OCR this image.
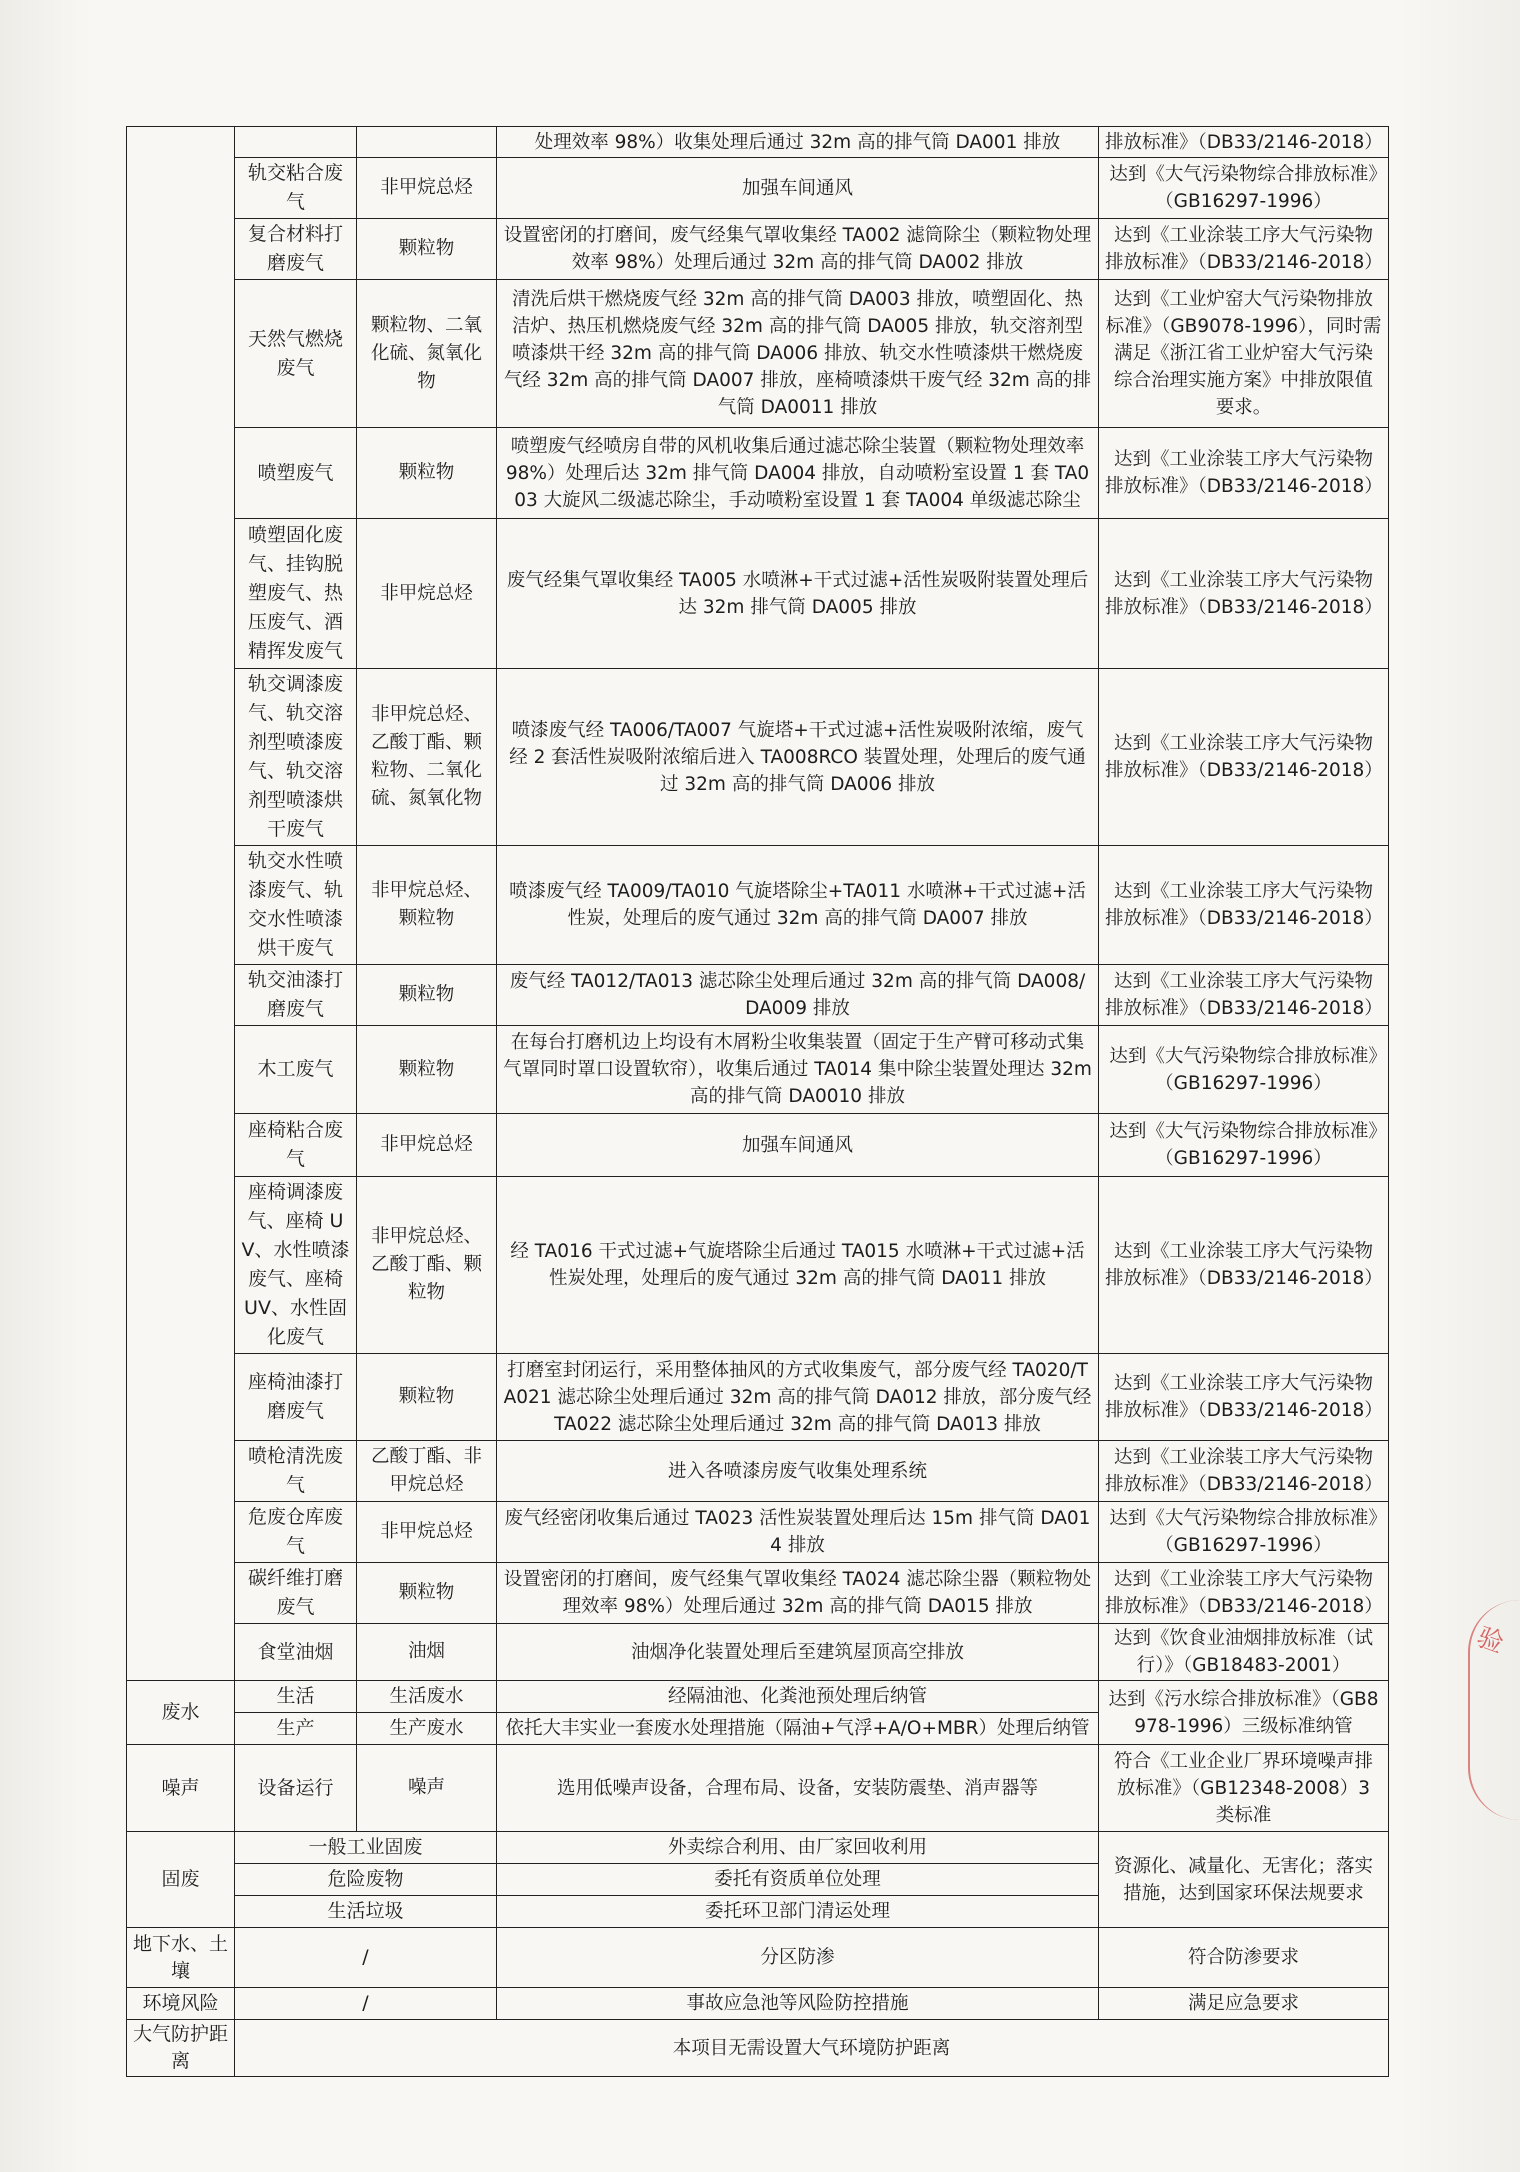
			处理效率 98%）收集处理后通过 32m 高的排气筒 DA001 排放	排放标准》（DB33/2146-2018）
	轨交粘合废气	非甲烷总烃	加强车间通风	达到《大气污染物综合排放标准》（GB16297-1996）
	复合材料打磨废气	颗粒物	设置密闭的打磨间，废气经集气罩收集经 TA002 滤筒除尘（颗粒物处理效率 98%）处理后通过 32m 高的排气筒 DA002 排放	达到《工业涂装工序大气污染物排放标准》（DB33/2146-2018）
	天然气燃烧废气	颗粒物、二氧化硫、氮氧化物	清洗后烘干燃烧废气经 32m 高的排气筒 DA003 排放，喷塑固化、热洁炉、热压机燃烧废气经 32m 高的排气筒 DA005 排放，轨交溶剂型喷漆烘干经 32m 高的排气筒 DA006 排放、轨交水性喷漆烘干燃烧废气经 32m 高的排气筒 DA007 排放，座椅喷漆烘干废气经 32m 高的排气筒 DA0011 排放	达到《工业炉窑大气污染物排放标准》（GB9078-1996），同时需满足《浙江省工业炉窑大气污染综合治理实施方案》中排放限值要求。
	喷塑废气	颗粒物	喷塑废气经喷房自带的风机收集后通过滤芯除尘装置（颗粒物处理效率 98%）处理后达 32m 排气筒 DA004 排放，自动喷粉室设置 1 套 TA003 大旋风二级滤芯除尘，手动喷粉室设置 1 套 TA004 单级滤芯除尘	达到《工业涂装工序大气污染物排放标准》（DB33/2146-2018）
	喷塑固化废气、挂钩脱塑废气、热压废气、酒精挥发废气	非甲烷总烃	废气经集气罩收集经 TA005 水喷淋+干式过滤+活性炭吸附装置处理后达 32m 排气筒 DA005 排放	达到《工业涂装工序大气污染物排放标准》（DB33/2146-2018）
	轨交调漆废气、轨交溶剂型喷漆废气、轨交溶剂型喷漆烘干废气	非甲烷总烃、乙酸丁酯、颗粒物、二氧化硫、氮氧化物	喷漆废气经 TA006/TA007 气旋塔+干式过滤+活性炭吸附浓缩，废气经 2 套活性炭吸附浓缩后进入 TA008RCO 装置处理，处理后的废气通过 32m 高的排气筒 DA006 排放	达到《工业涂装工序大气污染物排放标准》（DB33/2146-2018）
	轨交水性喷漆废气、轨交水性喷漆烘干废气	非甲烷总烃、颗粒物	喷漆废气经 TA009/TA010 气旋塔除尘+TA011 水喷淋+干式过滤+活性炭，处理后的废气通过 32m 高的排气筒 DA007 排放	达到《工业涂装工序大气污染物排放标准》（DB33/2146-2018）
	轨交油漆打磨废气	颗粒物	废气经 TA012/TA013 滤芯除尘处理后通过 32m 高的排气筒 DA008/DA009 排放	达到《工业涂装工序大气污染物排放标准》（DB33/2146-2018）
	木工废气	颗粒物	在每台打磨机边上均设有木屑粉尘收集装置（固定于生产臂可移动式集气罩同时罩口设置软帘），收集后通过 TA014 集中除尘装置处理达 32m 高的排气筒 DA0010 排放	达到《大气污染物综合排放标准》（GB16297-1996）
	座椅粘合废气	非甲烷总烃	加强车间通风	达到《大气污染物综合排放标准》（GB16297-1996）
	座椅调漆废气、座椅 UV、水性喷漆废气、座椅 UV、水性固化废气	非甲烷总烃、乙酸丁酯、颗粒物	经 TA016 干式过滤+气旋塔除尘后通过 TA015 水喷淋+干式过滤+活性炭处理，处理后的废气通过 32m 高的排气筒 DA011 排放	达到《工业涂装工序大气污染物排放标准》（DB33/2146-2018）
	座椅油漆打磨废气	颗粒物	打磨室封闭运行，采用整体抽风的方式收集废气，部分废气经 TA020/TA021 滤芯除尘处理后通过 32m 高的排气筒 DA012 排放，部分废气经 TA022 滤芯除尘处理后通过 32m 高的排气筒 DA013 排放	达到《工业涂装工序大气污染物排放标准》（DB33/2146-2018）
	喷枪清洗废气	乙酸丁酯、非甲烷总烃	进入各喷漆房废气收集处理系统	达到《工业涂装工序大气污染物排放标准》（DB33/2146-2018）
	危废仓库废气	非甲烷总烃	废气经密闭收集后通过 TA023 活性炭装置处理后达 15m 排气筒 DA014 排放	达到《大气污染物综合排放标准》（GB16297-1996）
	碳纤维打磨废气	颗粒物	设置密闭的打磨间，废气经集气罩收集经 TA024 滤芯除尘器（颗粒物处理效率 98%）处理后通过 32m 高的排气筒 DA015 排放	达到《工业涂装工序大气污染物排放标准》（DB33/2146-2018）
	食堂油烟	油烟	油烟净化装置处理后至建筑屋顶高空排放	达到《饮食业油烟排放标准（试行）》（GB18483-2001）
废水	生活	生活废水	经隔油池、化粪池预处理后纳管	达到《污水综合排放标准》（GB8978-1996）三级标准纳管
	生产	生产废水	依托大丰实业一套废水处理措施（隔油+气浮+A/O+MBR）处理后纳管	
噪声	设备运行	噪声	选用低噪声设备，合理布局、设备，安装防震垫、消声器等	符合《工业企业厂界环境噪声排放标准》（GB12348-2008）3 类标准
固废	一般工业固废		外卖综合利用、由厂家回收利用	资源化、减量化、无害化；落实措施，达到国家环保法规要求
	危险废物		委托有资质单位处理	
	生活垃圾		委托环卫部门清运处理	
地下水、土壤	/		分区防渗	符合防渗要求
环境风险	/		事故应急池等风险防控措施	满足应急要求
大气防护距离	本项目无需设置大气环境防护距离			
验
